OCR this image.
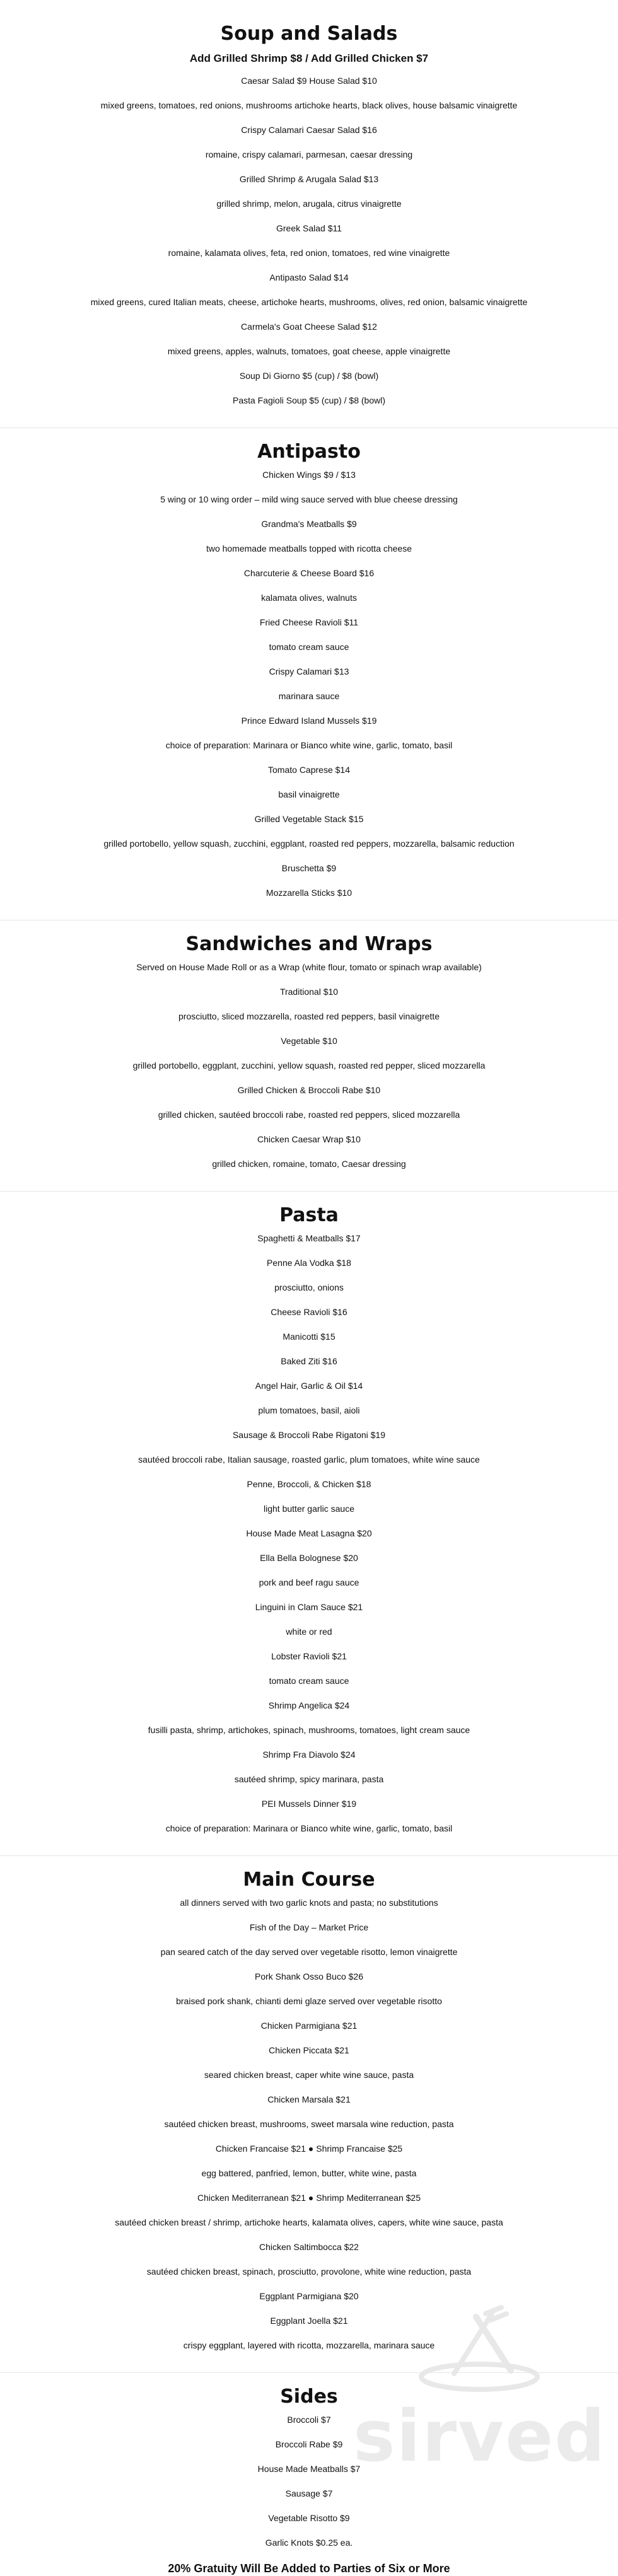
Soup and Salads
Add Grilled Shrimp $8 / Add Grilled Chicken $7
Caesar Salad $9 House Salad $10
mixed greens, tomatoes, red onions, mushrooms artichoke hearts, black olives, house balsamic vinaigrette
Crispy Calamari Caesar Salad $16
romaine, crispy calamari, parmesan, caesar dressing
Grilled Shrimp & Arugala Salad $13
grilled shrimp, melon, arugala, citrus vinaigrette
Greek Salad $11
romaine, kalamata olives, feta, red onion, tomatoes, red wine vinaigrette
Antipasto Salad $14
mixed greens, cured Italian meats, cheese, artichoke hearts, mushrooms, olives, red onion, balsamic vinaigrette
Carmela's Goat Cheese Salad $12
mixed greens, apples, walnuts, tomatoes, goat cheese, apple vinaigrette
Soup Di Giorno $5 (cup) / $8 (bowl)
Pasta Fagioli Soup $5 (cup) / $8 (bowl)
Antipasto
Chicken Wings $9 / $13
5 wing or 10 wing order – mild wing sauce served with blue cheese dressing
Grandma's Meatballs $9
two homemade meatballs topped with ricotta cheese
Charcuterie & Cheese Board $16
kalamata olives, walnuts
Fried Cheese Ravioli $11
tomato cream sauce
Crispy Calamari $13
marinara sauce
Prince Edward Island Mussels $19
choice of preparation: Marinara or Bianco white wine, garlic, tomato, basil
Tomato Caprese $14
basil vinaigrette
Grilled Vegetable Stack $15
grilled portobello, yellow squash, zucchini, eggplant, roasted red peppers, mozzarella, balsamic reduction
Bruschetta $9
Mozzarella Sticks $10
Sandwiches and Wraps
Served on House Made Roll or as a Wrap (white flour, tomato or spinach wrap available)
Traditional $10
prosciutto, sliced mozzarella, roasted red peppers, basil vinaigrette
Vegetable $10
grilled portobello, eggplant, zucchini, yellow squash, roasted red pepper, sliced mozzarella
Grilled Chicken & Broccoli Rabe $10
grilled chicken, sautéed broccoli rabe, roasted red peppers, sliced mozzarella
Chicken Caesar Wrap $10
grilled chicken, romaine, tomato, Caesar dressing
Pasta
Spaghetti & Meatballs $17
Penne Ala Vodka $18
prosciutto, onions
Cheese Ravioli $16
Manicotti $15
Baked Ziti $16
Angel Hair, Garlic & Oil $14
plum tomatoes, basil, aioli
Sausage & Broccoli Rabe Rigatoni $19
sautéed broccoli rabe, Italian sausage, roasted garlic, plum tomatoes, white wine sauce
Penne, Broccoli, & Chicken $18
light butter garlic sauce
House Made Meat Lasagna $20
Ella Bella Bolognese $20
pork and beef ragu sauce
Linguini in Clam Sauce $21
white or red
Lobster Ravioli $21
tomato cream sauce
Shrimp Angelica $24
fusilli pasta, shrimp, artichokes, spinach, mushrooms, tomatoes, light cream sauce
Shrimp Fra Diavolo $24
sautéed shrimp, spicy marinara, pasta
PEI Mussels Dinner $19
choice of preparation: Marinara or Bianco white wine, garlic, tomato, basil
Main Course
all dinners served with two garlic knots and pasta; no substitutions
Fish of the Day – Market Price
pan seared catch of the day served over vegetable risotto, lemon vinaigrette
Pork Shank Osso Buco $26
braised pork shank, chianti demi glaze served over vegetable risotto
Chicken Parmigiana $21
Chicken Piccata $21
seared chicken breast, caper white wine sauce, pasta
Chicken Marsala $21
sautéed chicken breast, mushrooms, sweet marsala wine reduction, pasta
Chicken Francaise $21 ● Shrimp Francaise $25
egg battered, panfried, lemon, butter, white wine, pasta
Chicken Mediterranean $21 ● Shrimp Mediterranean $25
sautéed chicken breast / shrimp, artichoke hearts, kalamata olives, capers, white wine sauce, pasta
Chicken Saltimbocca $22
sautéed chicken breast, spinach, prosciutto, provolone, white wine reduction, pasta
Eggplant Parmigiana $20
Eggplant Joella $21
crispy eggplant, layered with ricotta, mozzarella, marinara sauce
Sides
Broccoli $7
Broccoli Rabe $9
House Made Meatballs $7
Sausage $7
Vegetable Risotto $9
Garlic Knots $0.25 ea.
20% Gratuity Will Be Added to Parties of Six or More
sirved
